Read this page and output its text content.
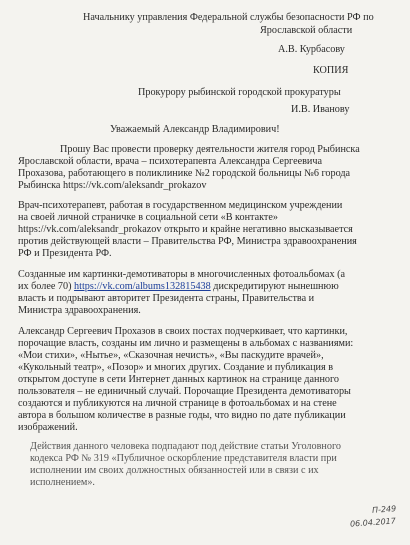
Начальнику управления Федеральной службы безопасности РФ по
Ярославской области
А.В. Курбасову
КОПИЯ
Прокурору рыбинской городской прокуратуры
И.В. Иванову
Уважаемый Александр Владимирович!
Прошу Вас провести проверку деятельности жителя город Рыбинска
Ярославской области, врача – психотерапевта Александра Сергеевича
Прохазова, работающего в поликлинике №2 городской больницы №6 города
Рыбинска https://vk.com/aleksandr_prokazov
Врач-психотерапевт, работая в государственном медицинском учреждении
на своей личной страничке в социальной сети «В контакте»
https://vk.com/aleksandr_prokazov открыто и крайне негативно высказывается
против действующей власти – Правительства РФ, Министра здравоохранения
РФ и Президента РФ.
Созданные им картинки-демотиваторы в многочисленных фотоальбомах (а
их более 70) https://vk.com/albums132815438 дискредитируют нынешнюю
власть и подрывают авторитет Президента страны, Правительства и
Министра здравоохранения.
Александр Сергеевич Прохазов в своих постах подчеркивает, что картинки,
порочащие власть, созданы им лично и размещены в альбомах с названиями:
«Мои стихи», «Нытье», «Сказочная нечисть», «Вы паскудите врачей»,
«Кукольный театр», «Позор» и многих других. Создание и публикация в
открытом доступе в сети Интернет данных картинок на странице данного
пользователя – не единичный случай. Порочащие Президента демотиваторы
создаются и публикуются на личной странице в фотоальбомах и на стене
автора в большом количестве в разные годы, что видно по дате публикации
изображений.
Действия данного человека подпадают под действие статьи Уголовного
кодекса РФ № 319 «Публичное оскорбление представителя власти при
исполнении им своих должностных обязанностей или в связи с их
исполнением».
П-249
06.04.2017
